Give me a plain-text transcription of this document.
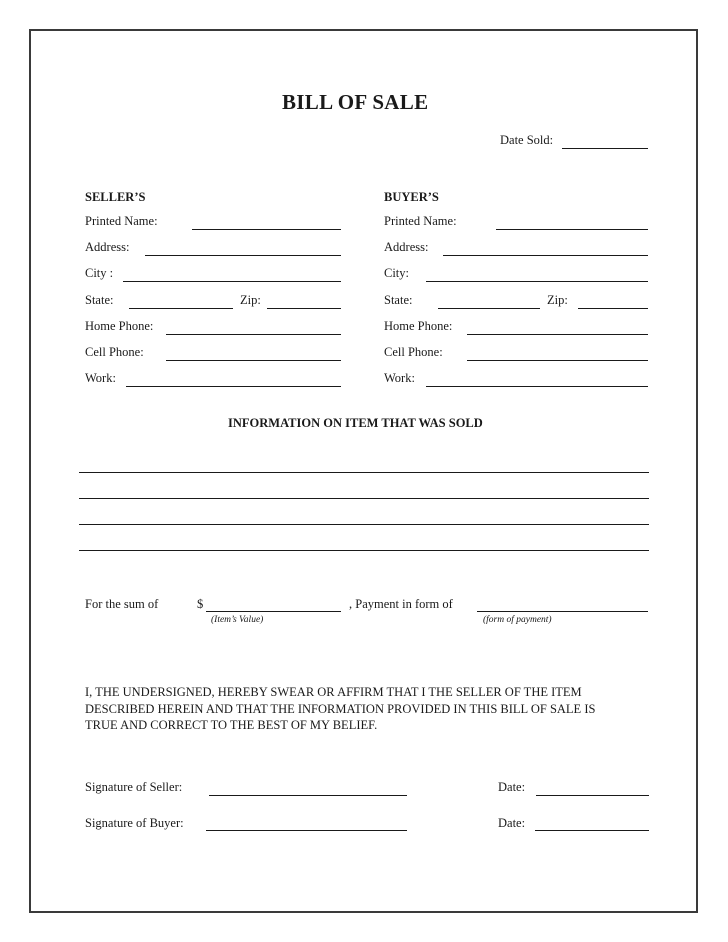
BILL OF SALE
Date Sold:
SELLER’S
Printed Name:
Address:
City :
State:	Zip:
Home Phone:
Cell Phone:
Work:
BUYER’S
Printed Name:
Address:
City:
State:	Zip:
Home Phone:
Cell Phone:
Work:
INFORMATION ON ITEM THAT WAS SOLD
For the sum of	$	, Payment in form of
(Item’s Value)	(form of payment)
I, THE UNDERSIGNED, HEREBY SWEAR OR AFFIRM THAT I THE SELLER OF THE ITEM DESCRIBED HEREIN AND THAT THE INFORMATION PROVIDED IN THIS BILL OF SALE IS TRUE AND CORRECT TO THE BEST OF MY BELIEF.
Signature of Seller:	Date:
Signature of Buyer:	Date:
